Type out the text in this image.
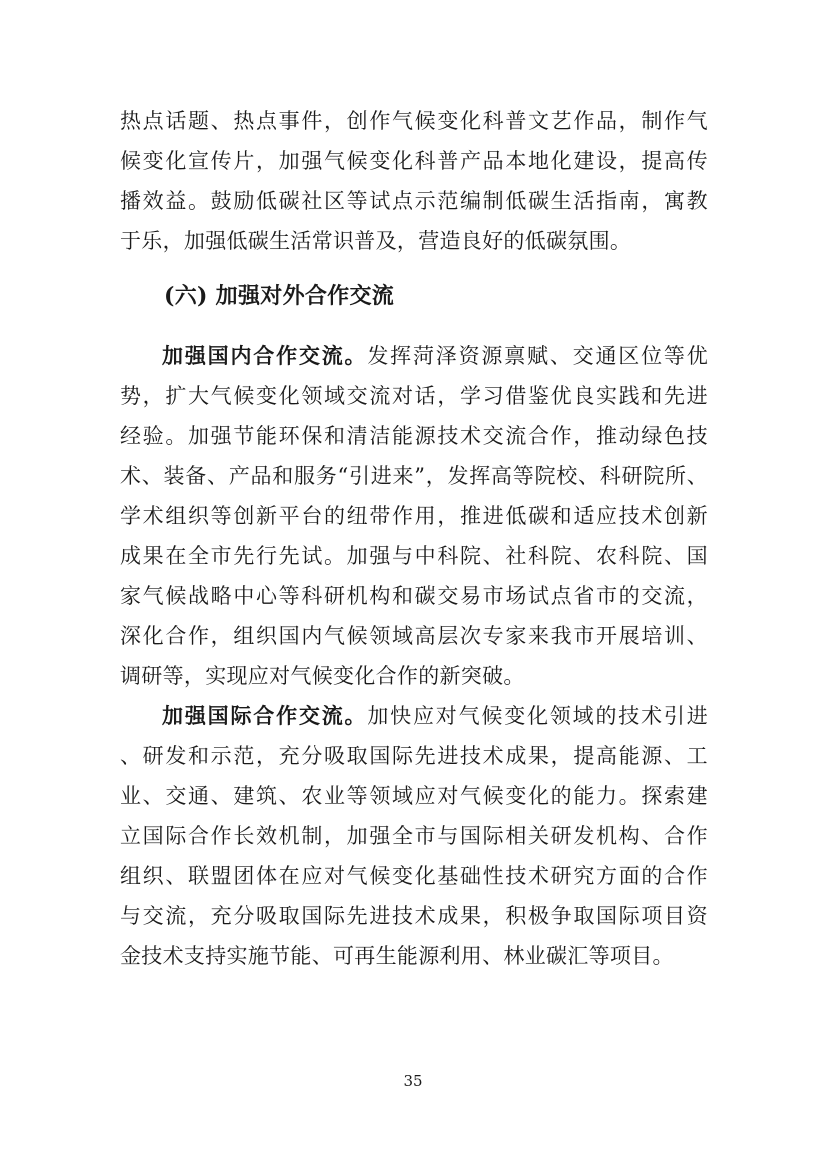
热点话题、热点事件，创作气候变化科普文艺作品，制作气
候变化宣传片，加强气候变化科普产品本地化建设，提高传
播效益。鼓励低碳社区等试点示范编制低碳生活指南，寓教
于乐，加强低碳生活常识普及，营造良好的低碳氛围。
(六) 加强对外合作交流
加强国内合作交流。发挥菏泽资源禀赋、交通区位等优
势，扩大气候变化领域交流对话，学习借鉴优良实践和先进
经验。加强节能环保和清洁能源技术交流合作，推动绿色技
术、装备、产品和服务“引进来”，发挥高等院校、科研院所、
学术组织等创新平台的纽带作用，推进低碳和适应技术创新
成果在全市先行先试。加强与中科院、社科院、农科院、国
家气候战略中心等科研机构和碳交易市场试点省市的交流，
深化合作，组织国内气候领域高层次专家来我市开展培训、
调研等，实现应对气候变化合作的新突破。
加强国际合作交流。加快应对气候变化领域的技术引进
、研发和示范，充分吸取国际先进技术成果，提高能源、工
业、交通、建筑、农业等领域应对气候变化的能力。探索建
立国际合作长效机制，加强全市与国际相关研发机构、合作
组织、联盟团体在应对气候变化基础性技术研究方面的合作
与交流，充分吸取国际先进技术成果，积极争取国际项目资
金技术支持实施节能、可再生能源利用、林业碳汇等项目。
35
